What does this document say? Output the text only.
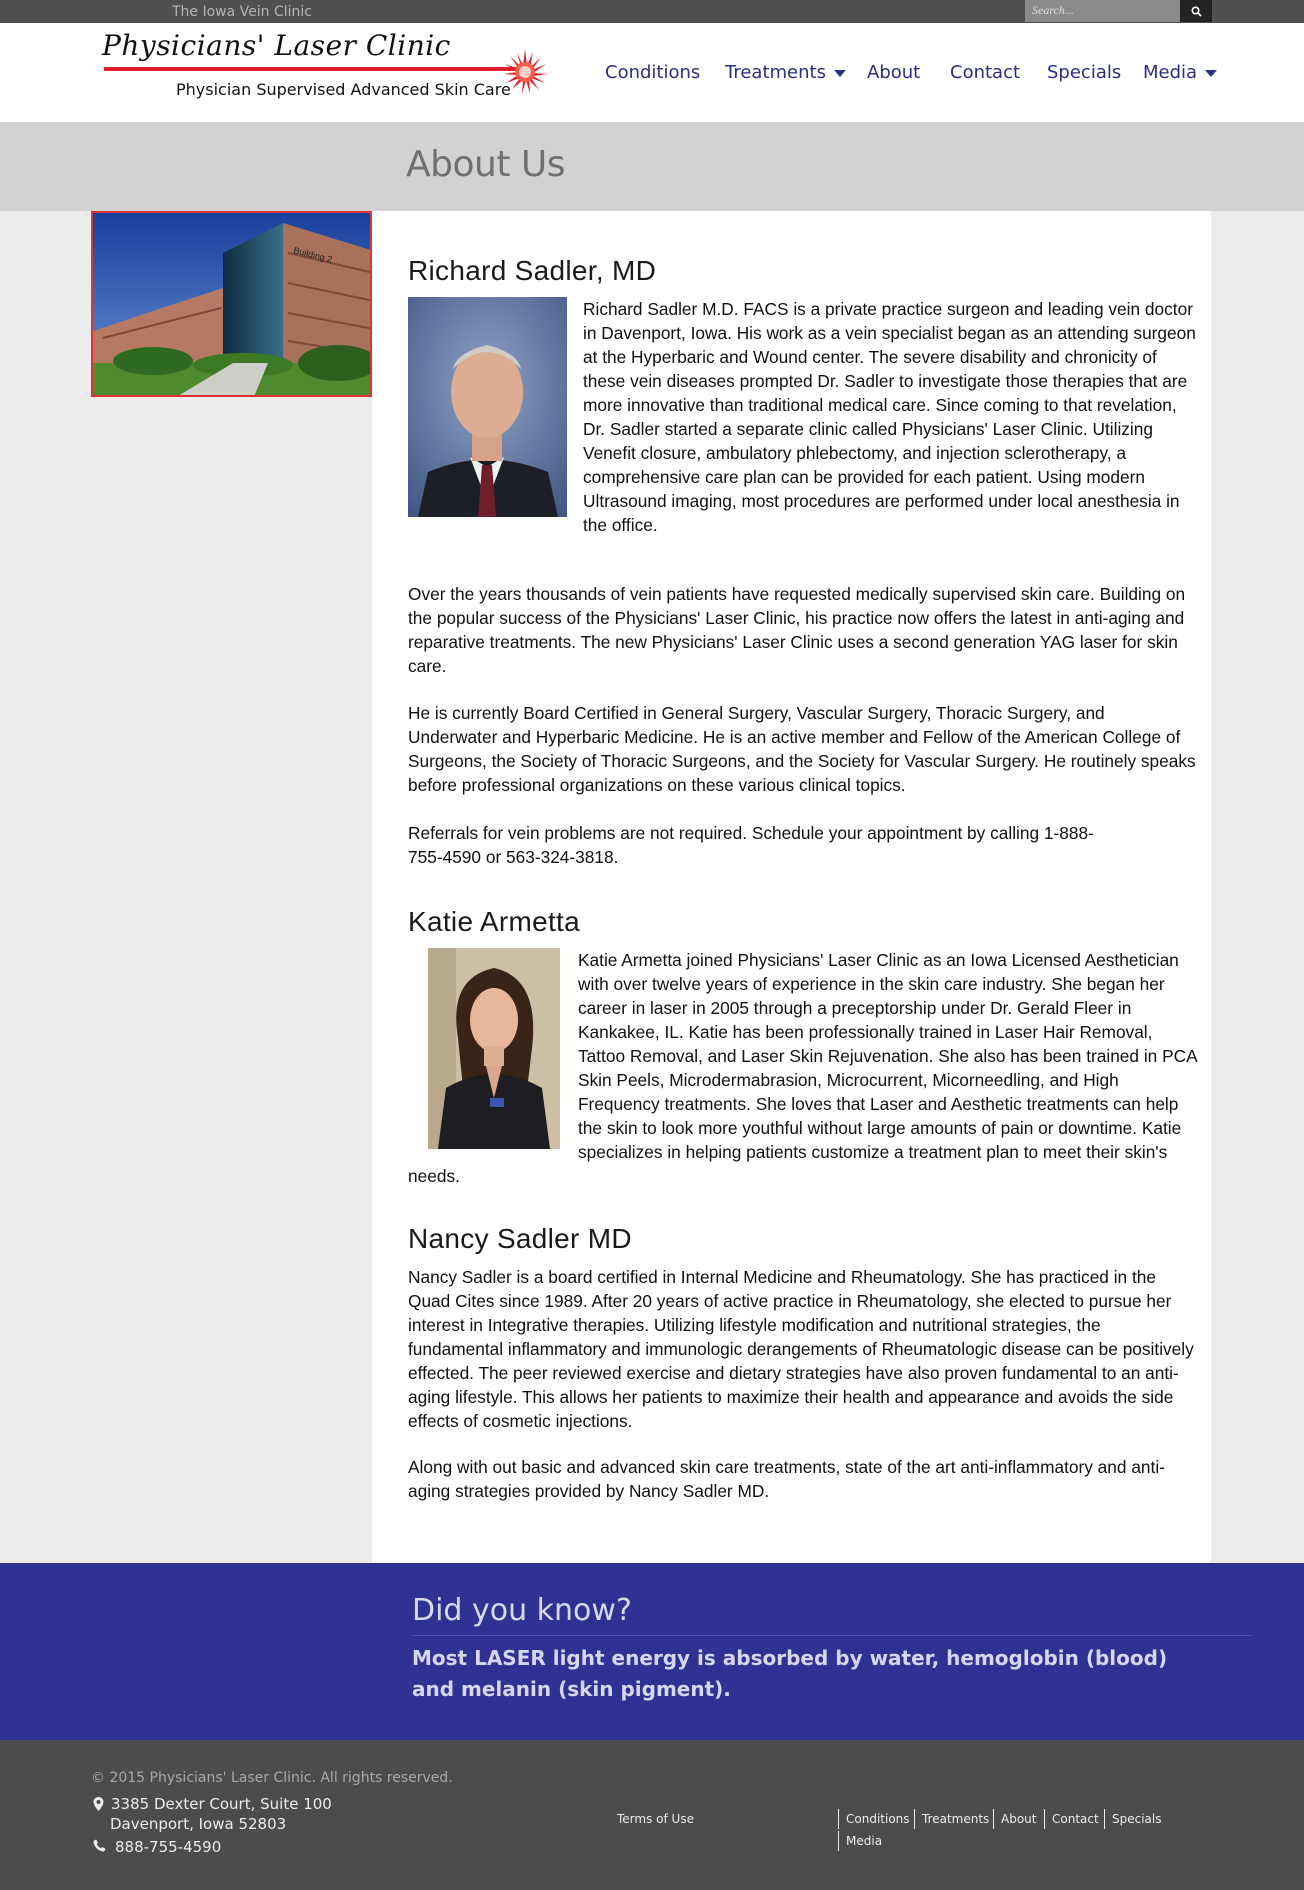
The Iowa Vein Clinic	Search...
Physicians' Laser Clinic
Physician Supervised Advanced Skin Care
Conditions Treatments	About Contact Specials Media
About Us
Building 2
Richard Sadler, MD
Richard Sadler M.D. FACS is a private practice surgeon and leading vein doctor in Davenport, Iowa. His work as a vein specialist began as an attending surgeon at the Hyperbaric and Wound center. The severe disability and chronicity of these vein diseases prompted Dr. Sadler to investigate those therapies that are more innovative than traditional medical care. Since coming to that revelation, Dr. Sadler started a separate clinic called Physicians' Laser Clinic. Utilizing Venefit closure, ambulatory phlebectomy, and injection sclerotherapy, a comprehensive care plan can be provided for each patient. Using modern Ultrasound imaging, most procedures are performed under local anesthesia in the office.
Over the years thousands of vein patients have requested medically supervised skin care. Building on the popular success of the Physicians' Laser Clinic, his practice now offers the latest in anti-aging and reparative treatments. The new Physicians' Laser Clinic uses a second generation YAG laser for skin care.
He is currently Board Certified in General Surgery, Vascular Surgery, Thoracic Surgery, and Underwater and Hyperbaric Medicine. He is an active member and Fellow of the American College of Surgeons, the Society of Thoracic Surgeons, and the Society for Vascular Surgery. He routinely speaks before professional organizations on these various clinical topics.
Referrals for vein problems are not required. Schedule your appointment by calling 1-888-755-4590 or 563-324-3818.
Katie Armetta
Katie Armetta joined Physicians' Laser Clinic as an Iowa Licensed Aesthetician with over twelve years of experience in the skin care industry. She began her career in laser in 2005 through a preceptorship under Dr. Gerald Fleer in Kankakee, IL. Katie has been professionally trained in Laser Hair Removal, Tattoo Removal, and Laser Skin Rejuvenation. She also has been trained in PCA Skin Peels, Microdermabrasion, Microcurrent, Micorneedling, and High Frequency treatments. She loves that Laser and Aesthetic treatments can help the skin to look more youthful without large amounts of pain or downtime. Katie specializes in helping patients customize a treatment plan to meet their skin's needs.
Nancy Sadler MD
Nancy Sadler is a board certified in Internal Medicine and Rheumatology. She has practiced in the Quad Cites since 1989. After 20 years of active practice in Rheumatology, she elected to pursue her interest in Integrative therapies. Utilizing lifestyle modification and nutritional strategies, the fundamental inflammatory and immunologic derangements of Rheumatologic disease can be positively effected. The peer reviewed exercise and dietary strategies have also proven fundamental to an anti-aging lifestyle. This allows her patients to maximize their health and appearance and avoids the side effects of cosmetic injections.
Along with out basic and advanced skin care treatments, state of the art anti-inflammatory and anti-aging strategies provided by Nancy Sadler MD.
Did you know?
Most LASER light energy is absorbed by water, hemoglobin (blood) and melanin (skin pigment).
© 2015 Physicians' Laser Clinic. All rights reserved.
3385 Dexter Court, Suite 100
Davenport, Iowa 52803
888-755-4590
Terms of Use	Conditions	Treatments About	Contact	Specials
Media
